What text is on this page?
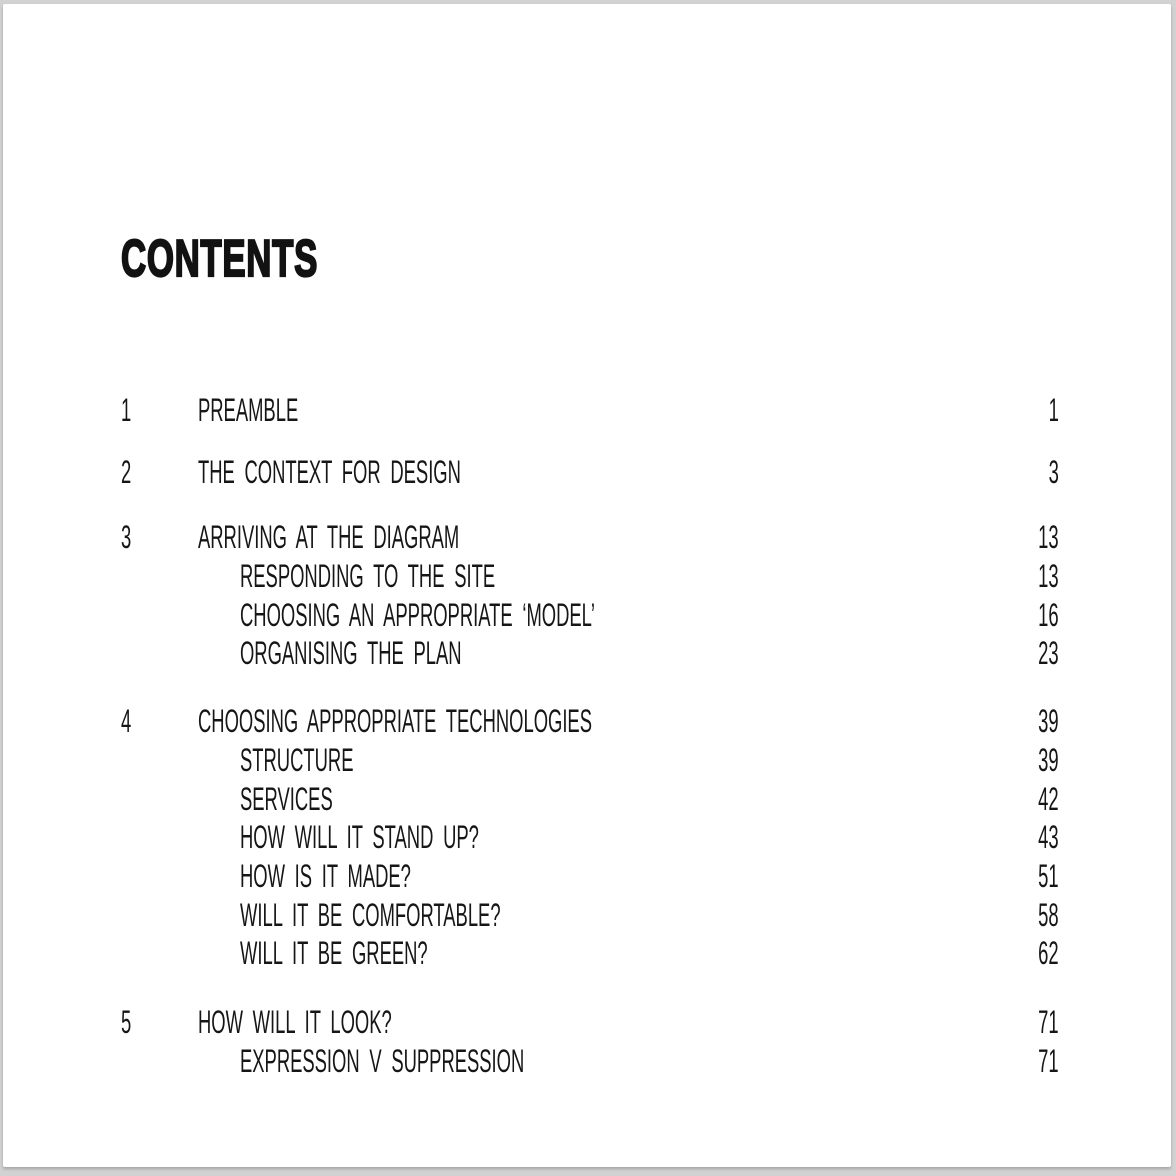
CONTENTS
1	PREAMBLE	1
2	THE CONTEXT FOR DESIGN	3
3	ARRIVING AT THE DIAGRAM	13
RESPONDING TO THE SITE	13
CHOOSING AN APPROPRIATE ‘MODEL’	16
ORGANISING THE PLAN	23
4	CHOOSING APPROPRIATE TECHNOLOGIES	39
STRUCTURE	39
SERVICES	42
HOW WILL IT STAND UP?	43
HOW IS IT MADE?	51
WILL IT BE COMFORTABLE?	58
WILL IT BE GREEN?	62
5	HOW WILL IT LOOK?	71
EXPRESSION V SUPPRESSION	71
